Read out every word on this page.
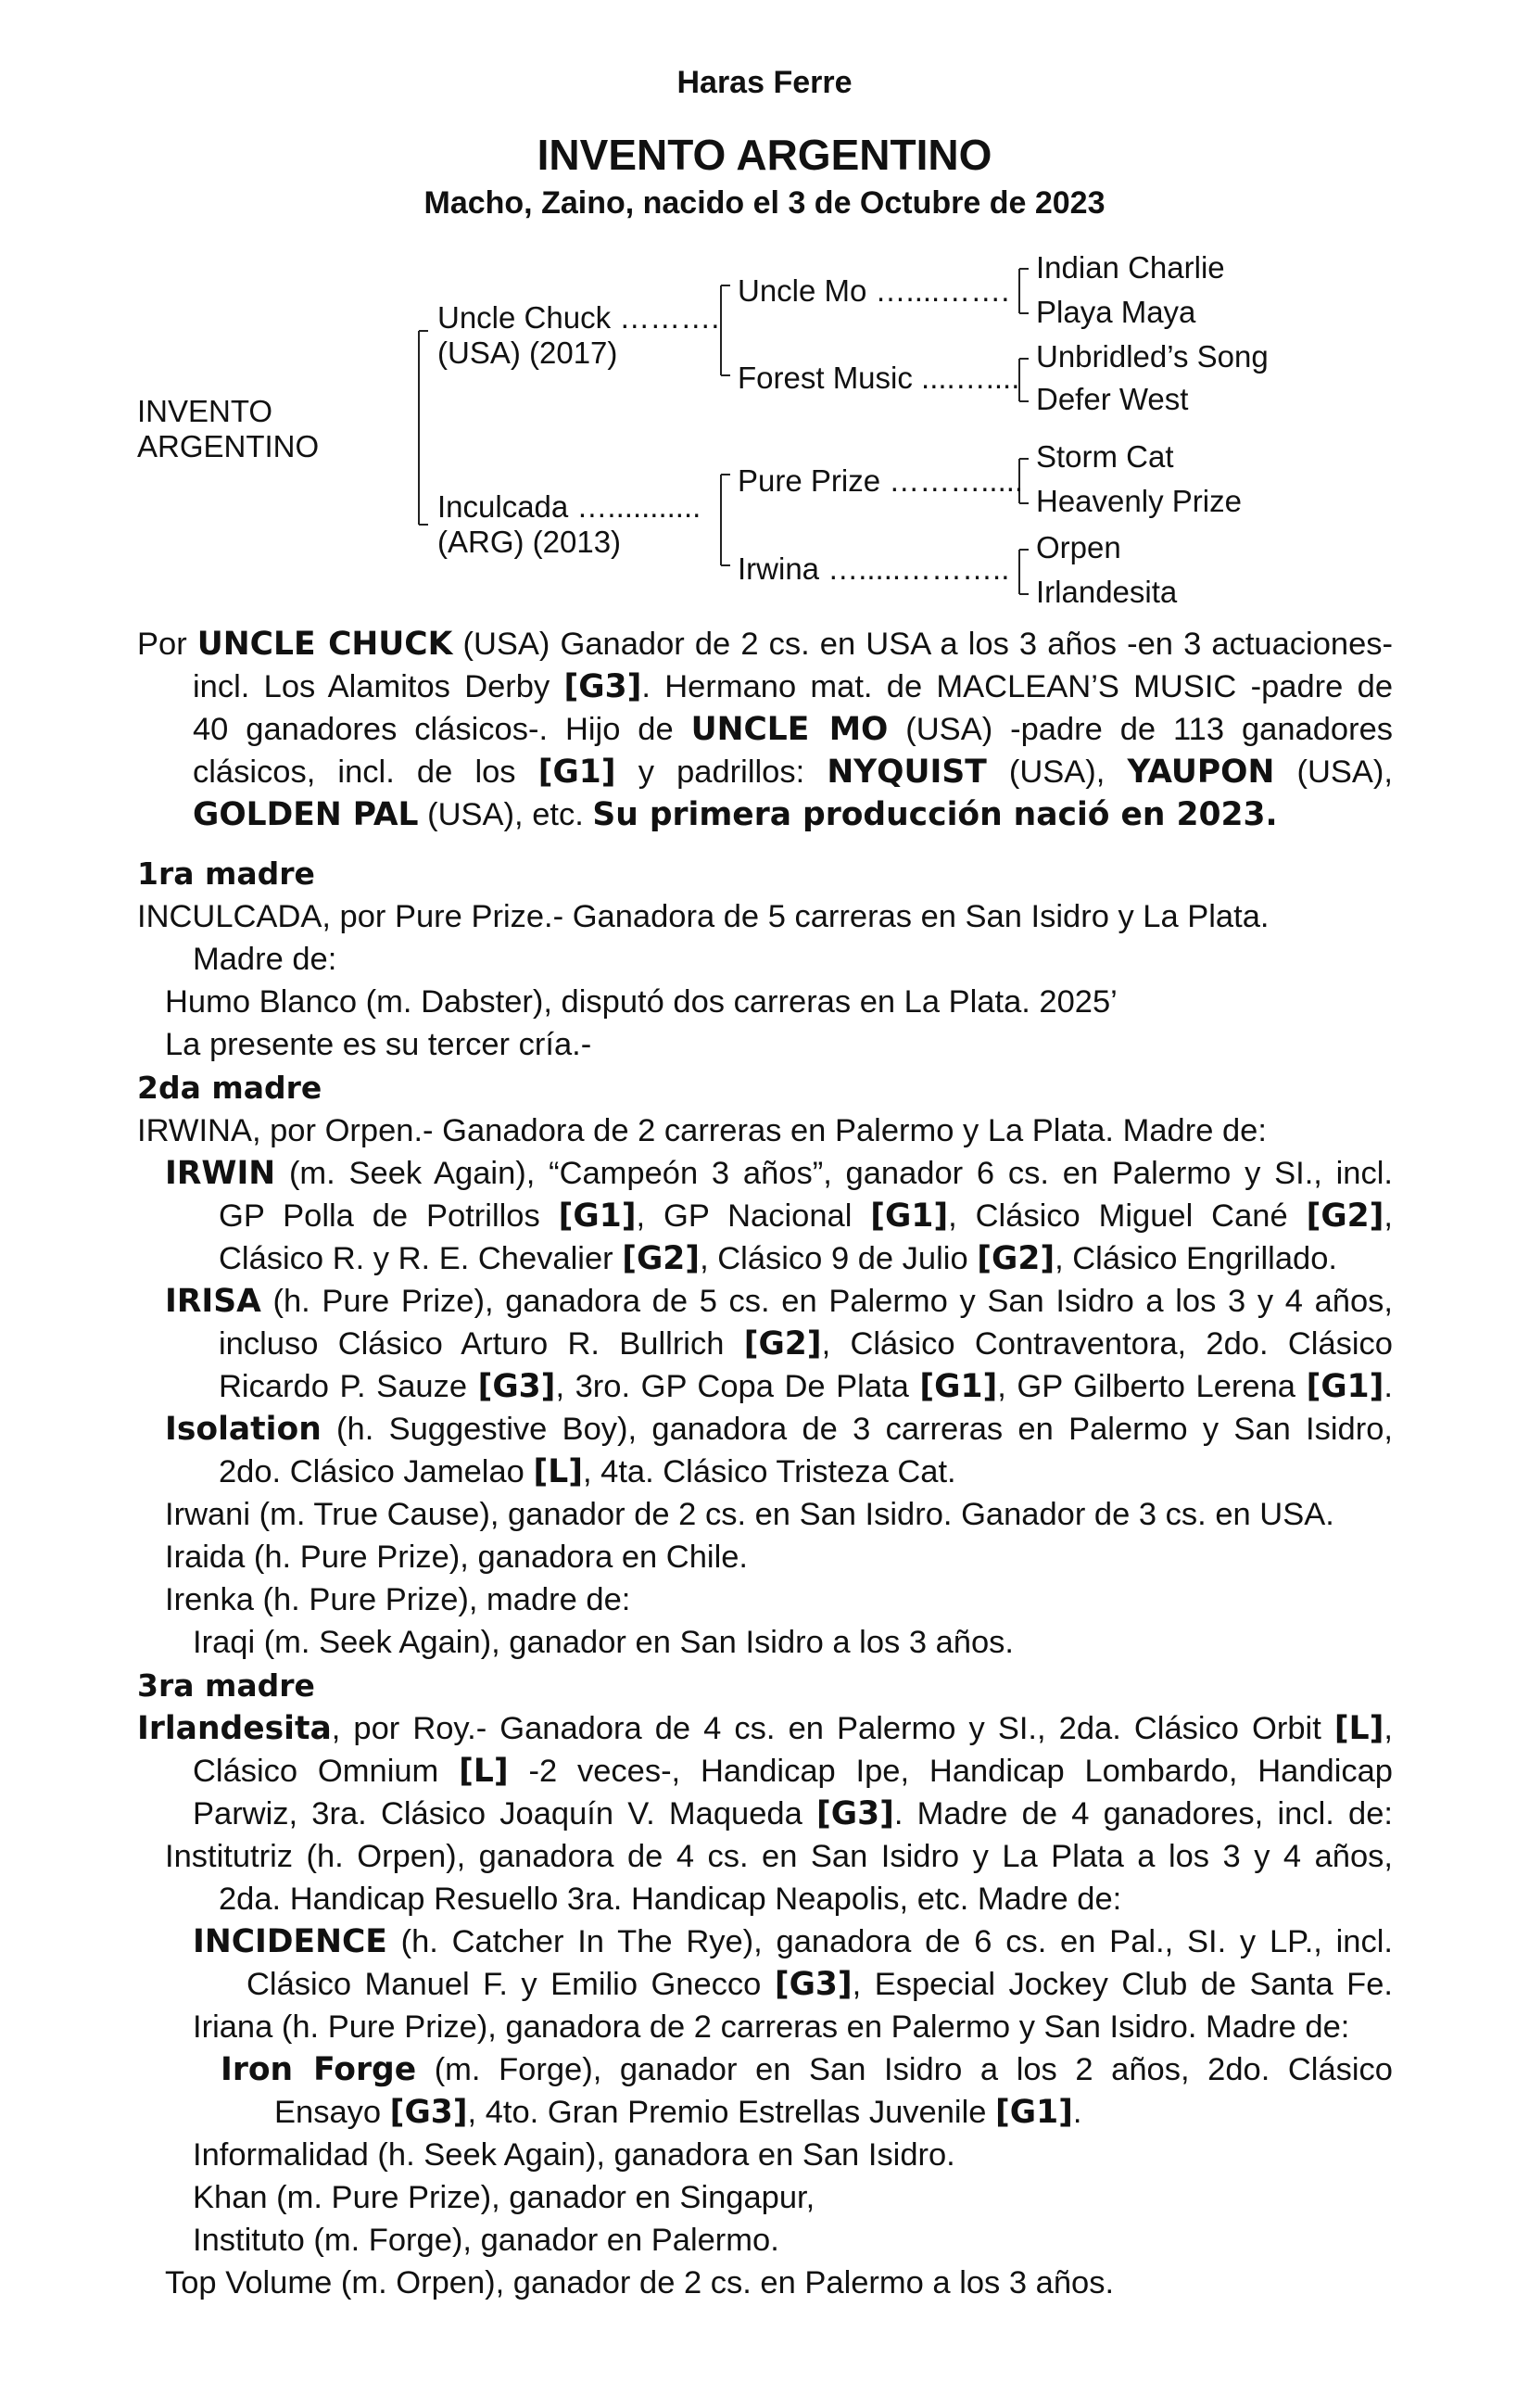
Haras Ferre
INVENTO ARGENTINO
Macho, Zaino, nacido el 3 de Octubre de 2023
INVENTO
ARGENTINO
Uncle Chuck ……….
(USA) (2017)
Inculcada …...........
(ARG) (2013)
Uncle Mo …....…….
Forest Music ....…....
Pure Prize ……….....
Irwina ….....………..
Indian Charlie
Playa Maya
Unbridled’s Song
Defer West
Storm Cat
Heavenly Prize
Orpen
Irlandesita
Por UNCLE CHUCK (USA) Ganador de 2 cs. en USA a los 3 años -en 3 actuaciones-
incl. Los Alamitos Derby [G3]. Hermano mat. de MACLEAN’S MUSIC -padre de
40 ganadores clásicos-. Hijo de UNCLE MO (USA) -padre de 113 ganadores
clásicos, incl. de los [G1] y padrillos: NYQUIST (USA), YAUPON (USA),
GOLDEN PAL (USA), etc. Su primera producción nació en 2023.
1ra madre
INCULCADA, por Pure Prize.- Ganadora de 5 carreras en San Isidro y La Plata.
Madre de:
Humo Blanco (m. Dabster), disputó dos carreras en La Plata. 2025’
La presente es su tercer cría.-
2da madre
IRWINA, por Orpen.- Ganadora de 2 carreras en Palermo y La Plata. Madre de:
IRWIN (m. Seek Again), “Campeón 3 años”, ganador 6 cs. en Palermo y SI., incl.
GP Polla de Potrillos [G1], GP Nacional [G1], Clásico Miguel Cané [G2],
Clásico R. y R. E. Chevalier [G2], Clásico 9 de Julio [G2], Clásico Engrillado.
IRISA (h. Pure Prize), ganadora de 5 cs. en Palermo y San Isidro a los 3 y 4 años,
incluso Clásico Arturo R. Bullrich [G2], Clásico Contraventora, 2do. Clásico
Ricardo P. Sauze [G3], 3ro. GP Copa De Plata [G1], GP Gilberto Lerena [G1].
Isolation (h. Suggestive Boy), ganadora de 3 carreras en Palermo y San Isidro,
2do. Clásico Jamelao [L], 4ta. Clásico Tristeza Cat.
Irwani (m. True Cause), ganador de 2 cs. en San Isidro. Ganador de 3 cs. en USA.
Iraida (h. Pure Prize), ganadora en Chile.
Irenka (h. Pure Prize), madre de:
Iraqi (m. Seek Again), ganador en San Isidro a los 3 años.
3ra madre
Irlandesita, por Roy.- Ganadora de 4 cs. en Palermo y SI., 2da. Clásico Orbit [L],
Clásico Omnium [L] -2 veces-, Handicap Ipe, Handicap Lombardo, Handicap
Parwiz, 3ra. Clásico Joaquín V. Maqueda [G3]. Madre de 4 ganadores, incl. de:
Institutriz (h. Orpen), ganadora de 4 cs. en San Isidro y La Plata a los 3 y 4 años,
2da. Handicap Resuello 3ra. Handicap Neapolis, etc. Madre de:
INCIDENCE (h. Catcher In The Rye), ganadora de 6 cs. en Pal., SI. y LP., incl.
Clásico Manuel F. y Emilio Gnecco [G3], Especial Jockey Club de Santa Fe.
Iriana (h. Pure Prize), ganadora de 2 carreras en Palermo y San Isidro. Madre de:
Iron Forge (m. Forge), ganador en San Isidro a los 2 años, 2do. Clásico
Ensayo [G3], 4to. Gran Premio Estrellas Juvenile [G1].
Informalidad (h. Seek Again), ganadora en San Isidro.
Khan (m. Pure Prize), ganador en Singapur,
Instituto (m. Forge), ganador en Palermo.
Top Volume (m. Orpen), ganador de 2 cs. en Palermo a los 3 años.
